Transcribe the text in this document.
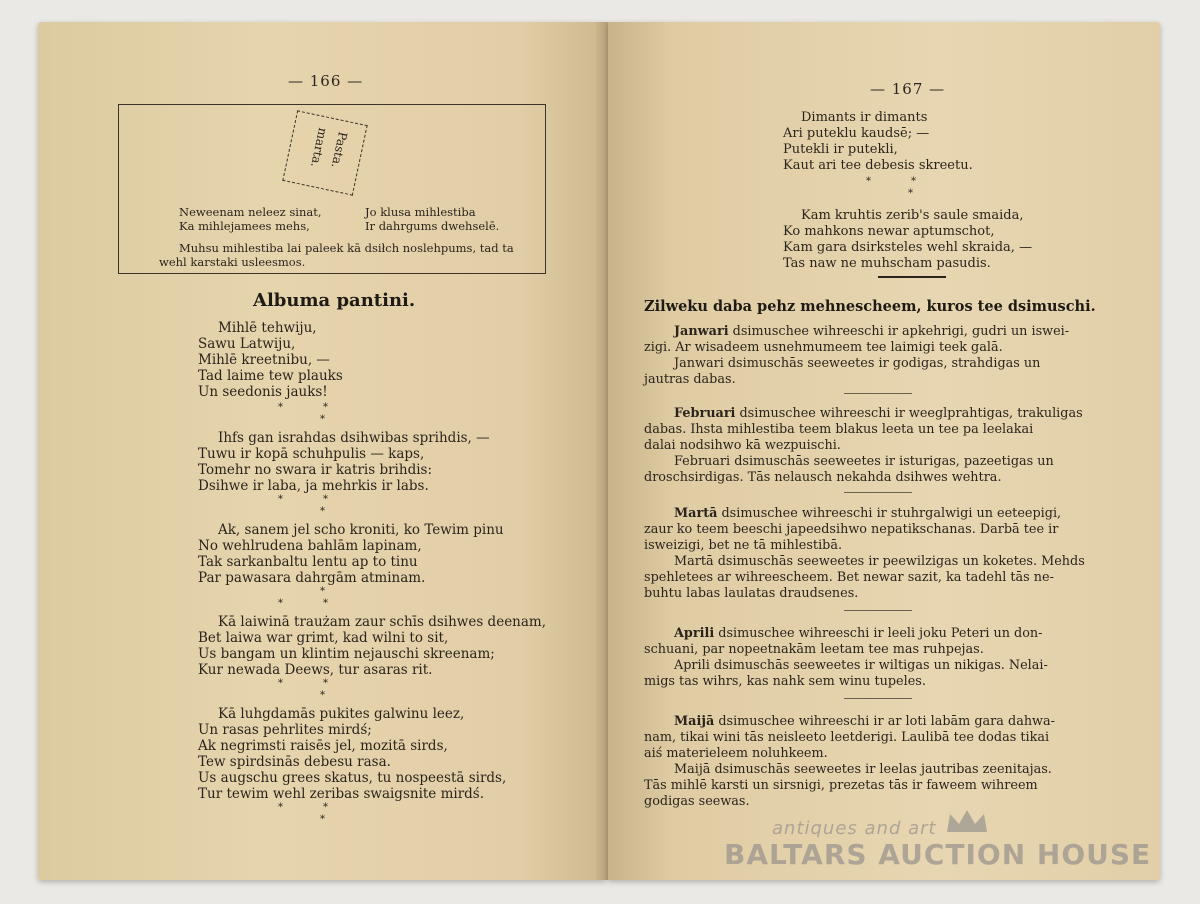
— 166 —
Pasta.
marta.
Neweenam neleez sinat,
Ka mihlejamees mehs,
Jo klusa mihlestiba
Ir dahrgums dwehselē.
Muhsu mihlestiba lai paleek kā dsiłch noslehpums, tad ta
wehl karstaki usleesmos.
Albuma pantini.
Mihlē tehwiju,
Sawu Latwiju,
Mihlē kreetnibu, —
Tad laime tew plauks
Un seedonis jauks!
**
*
Ihfs gan israhdas dsihwibas sprihdis, —
Tuwu ir kopā schuhpulis — kaps,
Tomehr no swara ir katris brihdis:
Dsihwe ir laba, ja mehrkis ir labs.
**
*
Ak, sanem jel scho kroniti, ko Tewim pinu
No wehlrudena bahlām lapinam,
Tak sarkanbaltu lentu ap to tinu
Par pawasara dahrgām atminam.
*
**
Kā laiwinā traużam zaur schīs dsihwes deenam,
Bet laiwa war grimt, kad wilni to sit,
Us bangam un klintim nejauschi skreenam;
Kur newada Deews, tur asaras rit.
**
*
Kā luhgdamās pukites galwinu leez,
Un rasas pehrlites mirdś;
Ak negrimsti raisēs jel, mozitā sirds,
Tew spirdsinās debesu rasa.
Us augschu grees skatus, tu nospeestā sirds,
Tur tewim wehl zeribas swaigsnite mirdś.
**
*
— 167 —
Dimants ir dimants
Ari puteklu kaudsē; —
Putekli ir putekli,
Kaut ari tee debesis skreetu.
**
*
Kam kruhtis zerib's saule smaida,
Ko mahkons newar aptumschot,
Kam gara dsirksteles wehl skraida, —
Tas naw ne muhscham pasudis.
Zilweku daba pehz mehnescheem, kuros tee dsimuschi.
Janwari dsimuschee wihreeschi ir apkehrigi, gudri un iswei-
zigi. Ar wisadeem usnehmumeem tee laimigi teek galā.
Janwari dsimuschās seeweetes ir godigas, strahdigas un
jautras dabas.
Februari dsimuschee wihreeschi ir weeglprahtigas, trakuligas
dabas. Ihsta mihlestiba teem blakus leeta un tee pa leelakai
dalai nodsihwo kā wezpuischi.
Februari dsimuschās seeweetes ir isturigas, pazeetigas un
droschsirdigas. Tās nelausch nekahda dsihwes wehtra.
Martā dsimuschee wihreeschi ir stuhrgalwigi un eeteepigi,
zaur ko teem beeschi japeedsihwo nepatikschanas. Darbā tee ir
isweizigi, bet ne tā mihlestibā.
Martā dsimuschās seeweetes ir peewilzigas un koketes. Mehds
spehletees ar wihreescheem. Bet newar sazit, ka tadehl tās ne-
buhtu labas laulatas draudsenes.
Aprili dsimuschee wihreeschi ir leeli joku Peteri un don-
schuani, par nopeetnakām leetam tee mas ruhpejas.
Aprili dsimuschās seeweetes ir wiltigas un nikigas. Nelai-
migs tas wihrs, kas nahk sem winu tupeles.
Maijā dsimuschee wihreeschi ir ar loti labām gara dahwa-
nam, tikai wini tās neisleeto leetderigi. Laulibā tee dodas tikai
aiś materieleem noluhkeem.
Maijā dsimuschās seeweetes ir leelas jautribas zeenitajas.
Tās mihlē karsti un sirsnigi, prezetas tās ir faweem wihreem
godigas seewas.
antiques and art
BALTARS AUCTION HOUSE
